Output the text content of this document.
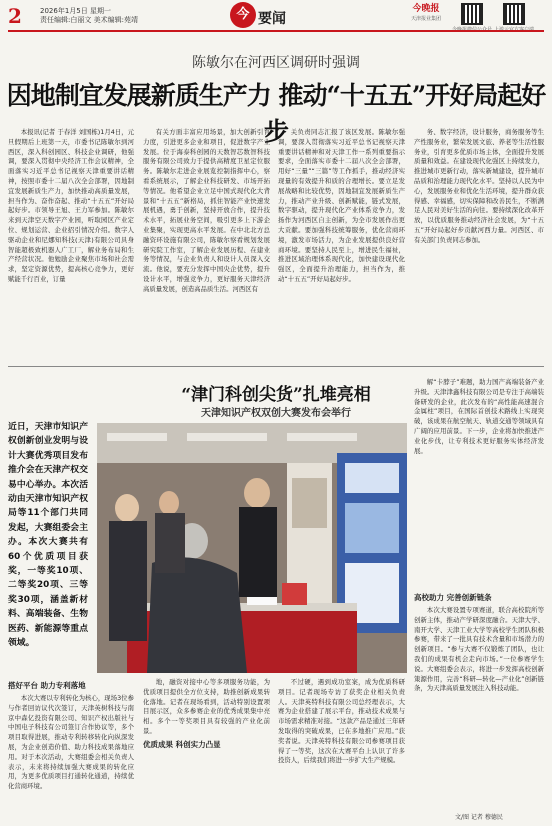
2	2026年1月5日 星期一
责任编辑:白丽文 美术编辑:苑靖	今 要闻
今晚报
天津报业集团
陈敏尔在河西区调研时强调
因地制宜发展新质生产力 推动“十五五”开好局起好步

本报讯(记者 于春洋 刘国栋)1月4日，元旦假期后上班第一天，市委书记陈敏尔到河西区，深入科创园区、科技企业调研，他强调，要深入贯彻中央经济工作会议精神，全面落实习近平总书记视察天津重要讲话精神，按照市委十二届八次全会部署，因地制宜发展新质生产力，加快推动高质量发展，担当作为、奋作奋起、推动“十五五”开好局起好步。市领导王旭、王力军参加。陈敏尔来到天津空天数字产业园，听取园区产业定位、规划运营、企业招引情况介绍。数字人驱动企业和尼娜知科技(天津)有限公司具身智能超极致机器人广工厂，解业务布局和生产经营状况。他勉励企业聚焦市场和社会需求，坚定资源优势，提高核心竞争力，更好赋能千行百业，订量

有关方面丰富应用场景，加大创新引育力度，引进更多企业和项目，促进数字产业发展。位于海泰科创园的天数智芯数智科技服务有限公司致力于提供高精度卫星定位服务。陈敏尔走进企业展览控制指挥中心，察看系统展示，了解企业科技研发、市场开拓等情况。他希望企业立足中国式现代化大背景和“十五五”新格局，抓住智能产业快速发展机遇，勇于创新，坚持开放合作，提升技术水平，拓展业务空间，吸引更多上下游企业集聚，实现更高水平发展。在中北北方总融资环设施有限公司，陈敏尔察看规划发展研究院工作室，了解企业发展历程、在建业务等情况，与企业负责人和设计人员深入交流。他说，要充分发挥中国央企优势，提升设计水平，增强竞争力，更好服务天津经济高质量发展，创造高品质生活。河西区有

关负责同志汇报了该区发展。陈敏尔强调，要深入贯彻落实习近平总书记视察天津重要讲话精神和对天津工作一系列重要指示要求，全面落实市委十二届八次全会部署，用好“三量”“三篇”等工作抓手，推动经济实现量的有效提升和质的合理增长。要立足发展战略和比较优势，因地制宜发展新质生产力，推动产业升级、创新赋能，链式发展，数字驱动，提升现代化产业体系竞争力，发扬作为河西区自主创新，为全市发展作出更大贡献。要加强科技统筹服务，优化营商环境，激发市场活力，为企业发展提供良好营商环境。要坚持人民至上，增进民生福祉，推进区域治理体系现代化，加快建设现代化强区，全面提升治理能力，担当作为，推动“十五五”开好局起好步。

务、数字经济，设计服务，商务服务等生产性服务业，繁荣发展文旅、养老等生活性服务业，引育更多优质市场主体，全面提升发展质量和效益。在建设现代化强区上持续发力，推进城市更新行动，落实新城建设，提升城市品质和治理能力现代化水平。坚持以人民为中心，发展服务业和优化生活环境，提升群众获得感、幸福感，切实保障和改善民生，不断满足人民对美好生活的向往。要持续深化改革开放，以优质服务推动经济社会发展，为“十五五”开好局起好步贡献河西力量。河西区、市有关部门负责同志参加。

“津门科创尖货”扎堆亮相
天津知识产权双创大赛发布会举行
近日，天津市知识产权创新创业发明与设计大赛优秀项目发布推介会在天津产权交易中心举办。本次活动由天津市知识产权局等11个部门共同发起，大赛组委会主办。本次大赛共有60个优质项目获奖，一等奖10项、二等奖20项、三等奖30项，涵盖新材料、高端装备、生物医药、新能源等重点领域。
搭好平台 助力专利落地

本次大赛以专利转化为核心，现场3位参与作者回访议代次签订，天津英树科技与南京中森亿投资有限公司、知识产权出版社与中国电子科技有公司签订合作协议等，多个项目取得进展，推动专利转移转化向纵深发展，为企业创造价值、助力科技成果落地应用。对于本次活动，大赛组委会相关负责人表示，未来将持续加强大赛成果的转化应用，为更多优质项目打通转化通道，持续优化营商环境。

地，融资对接中心等多项服务功能，为优质项目提供全方位支持，助推创新成果转化落地。记者在现场看到，活动特别设置项目展示区，众多参赛企业的优秀成果集中亮相。多个一等奖项目具有较强的产业化前景。

优质成果 科创实力凸显

不过硬，遇到成功室案，成为优质科研项目。记者现场专访了获奖企业相关负责人。天津英特科技有限公司总经理表示，大赛为企业搭建了展示平台，推动技术成果与市场需求精准对接。“这款产品是通过三年研发取得的突破成果，已在多地推广应用。”获奖者说。天津英特科技有限公司参赛项目获得了一等奖，这次在大赛平台上认识了许多投资人，后续我们将进一步扩大生产规模。

解“卡脖子”难题，助力国产高端装备产业升级。天津津鑫科技有限公司是专注于高端装备研发的企业，此次发布的“高性能高速混合金属柱”项目，在国际首创技术路线上实现突破，该成果在航空航天、轨道交通等领域具有广阔的应用前景。下一步，企业将加快推进产业化步伐，让专利技术更好服务实体经济发展。

高校助力 完善创新链条

本次大赛设置专项赛道，联合高校院所等创新主体，推动产学研深度融合。天津大学、南开大学、天津工业大学等高校学生团队积极参赛，带来了一批具有技术含量和市场潜力的创新项目。“参与大赛不仅锻炼了团队，也让我们的成果有机会走向市场。”一位参赛学生说。大赛组委会表示，将进一步发挥高校创新策源作用，完善“科研—转化—产业化”创新链条，为天津高质量发展注入科技动能。

文/图 记者 穆德民
